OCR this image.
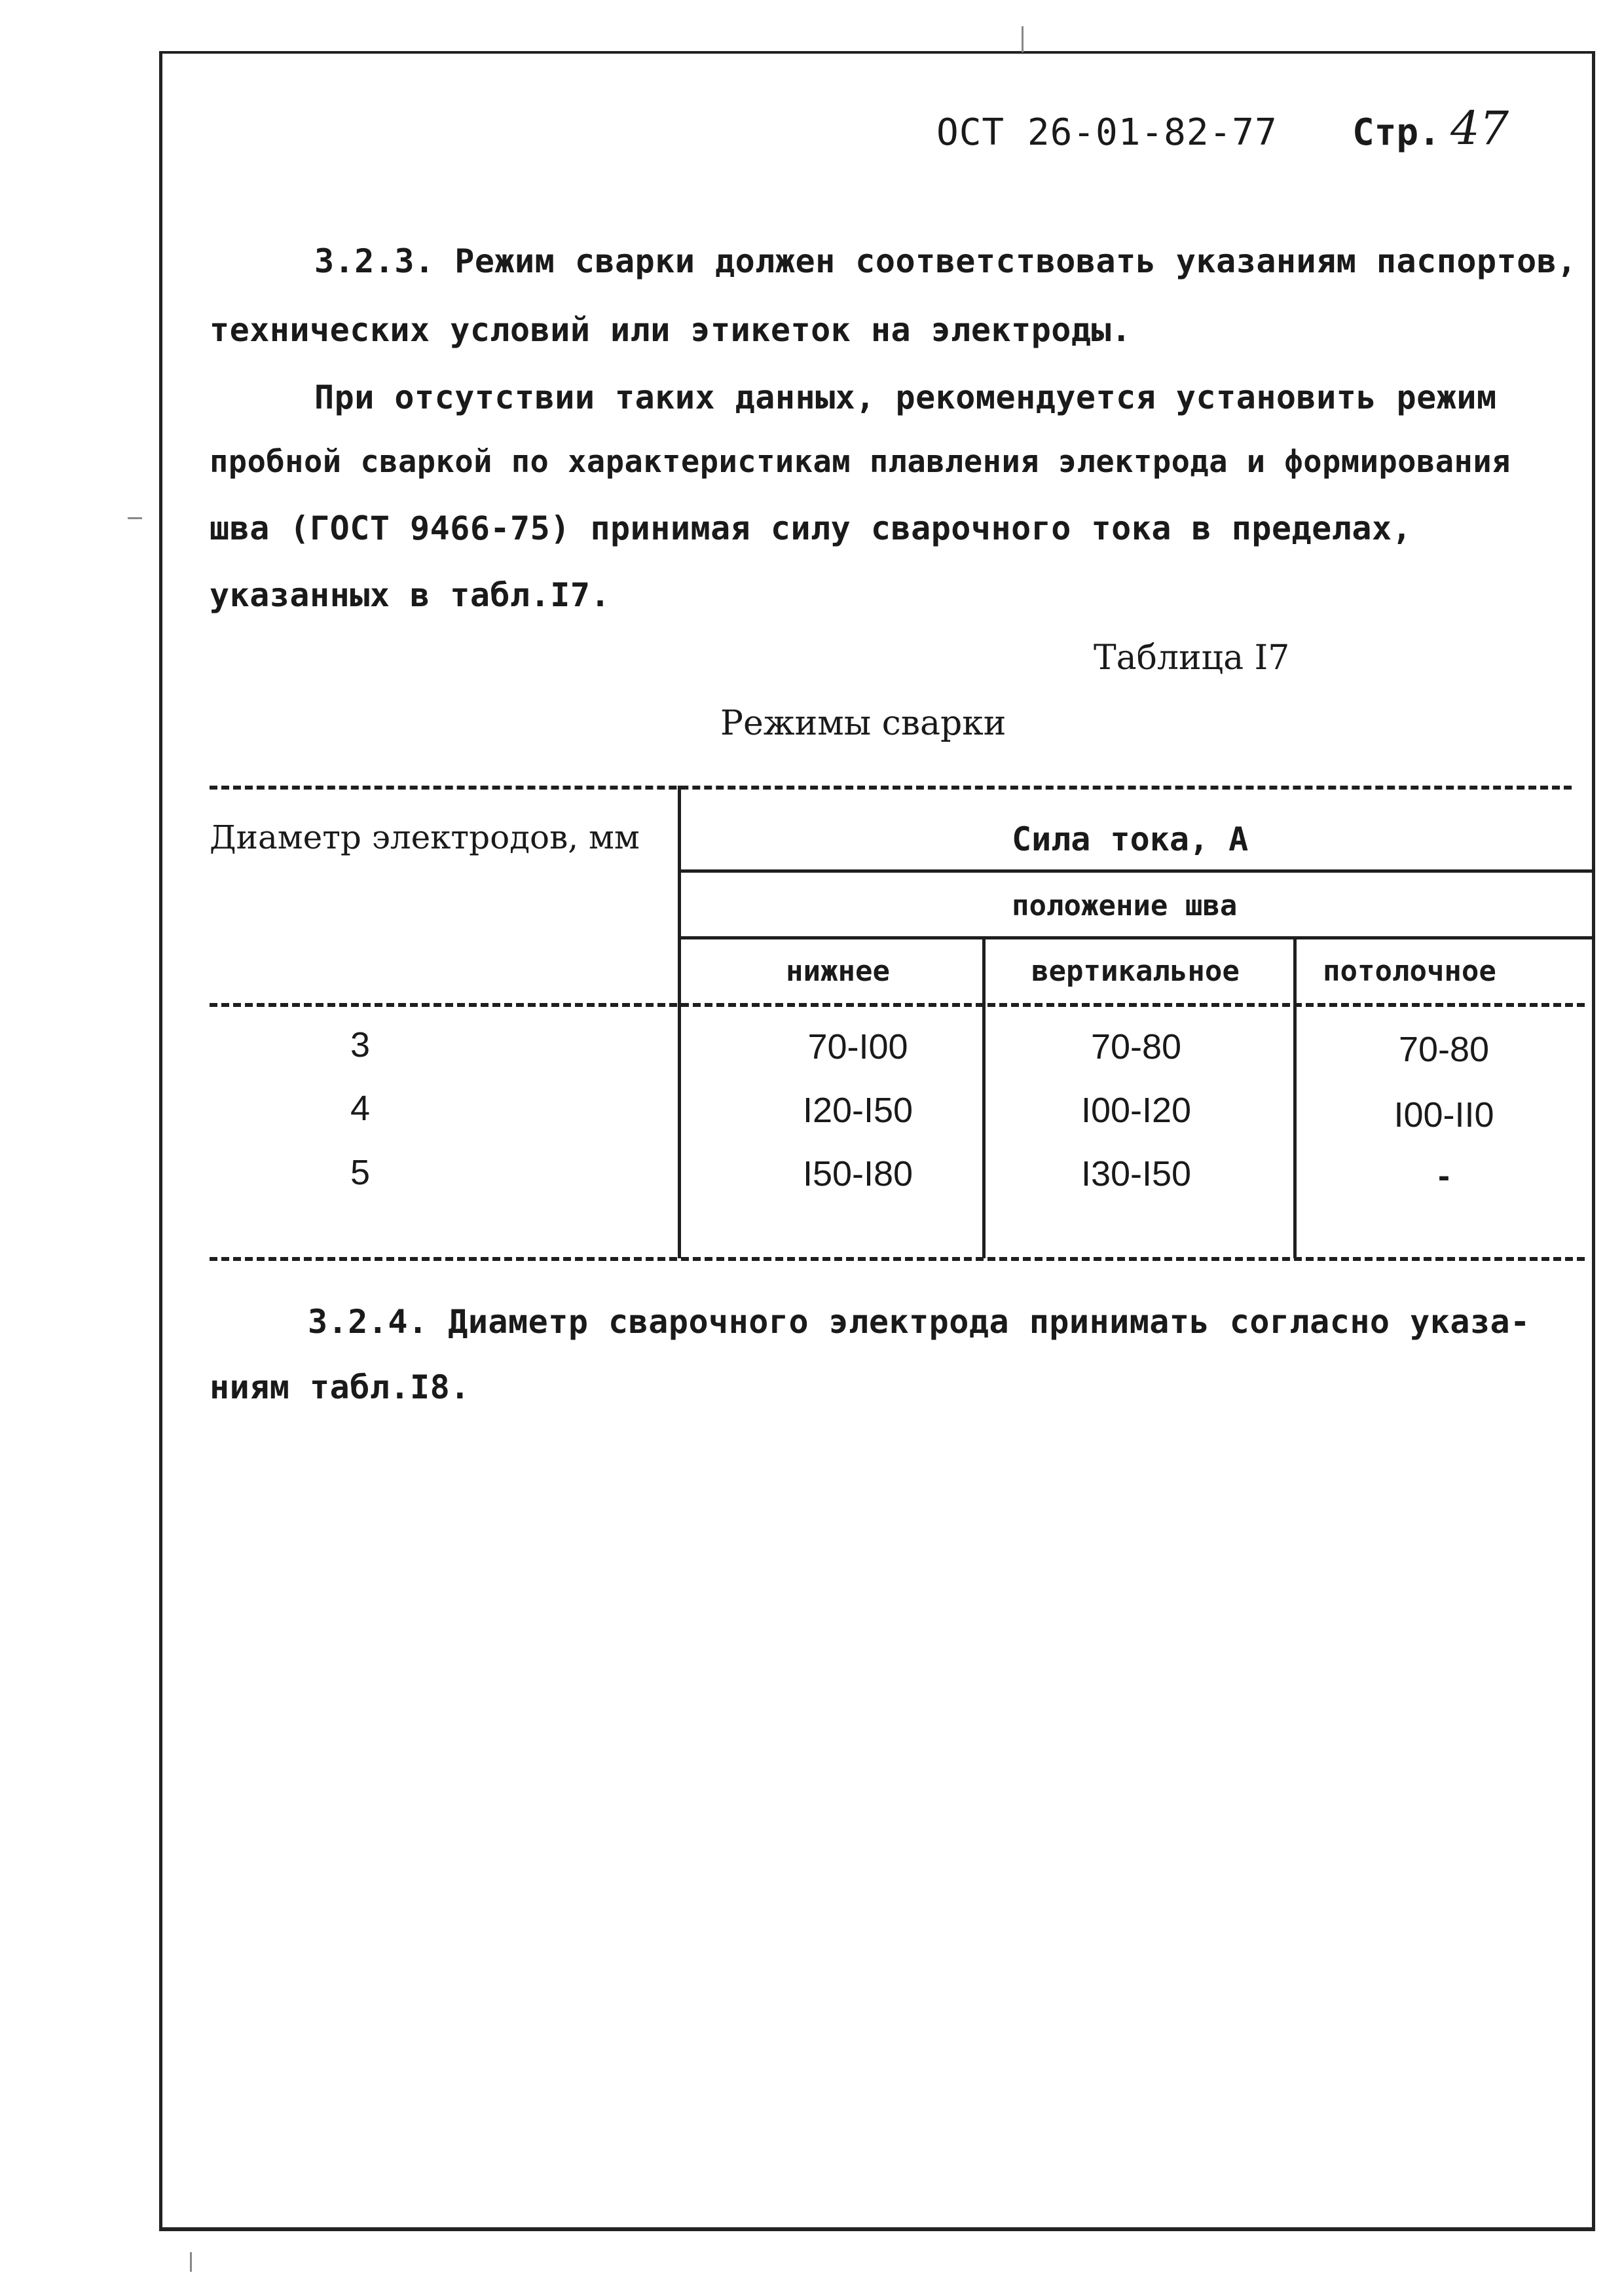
ОСТ 26-01-82-77 Стр. 47
3.2.3. Режим сварки должен соответствовать указаниям паспортов,
технических условий или этикеток на электроды.
При отсутствии таких данных, рекомендуется установить режим
пробной сваркой по характеристикам плавления электрода и формирования
шва (ГОСТ 9466-75) принимая силу сварочного тока в пределах,
указанных в табл.I7.
Таблица I7
Режимы сварки
Диаметр электродов, мм	Сила тока, А
положение шва
нижнее	вертикальное	потолочное
3	70-I00	70-80	70-80
4	I20-I50	I00-I20	I00-II0
5	I50-I80	I30-I50	-
3.2.4. Диаметр сварочного электрода принимать согласно указа-
ниям табл.I8.
